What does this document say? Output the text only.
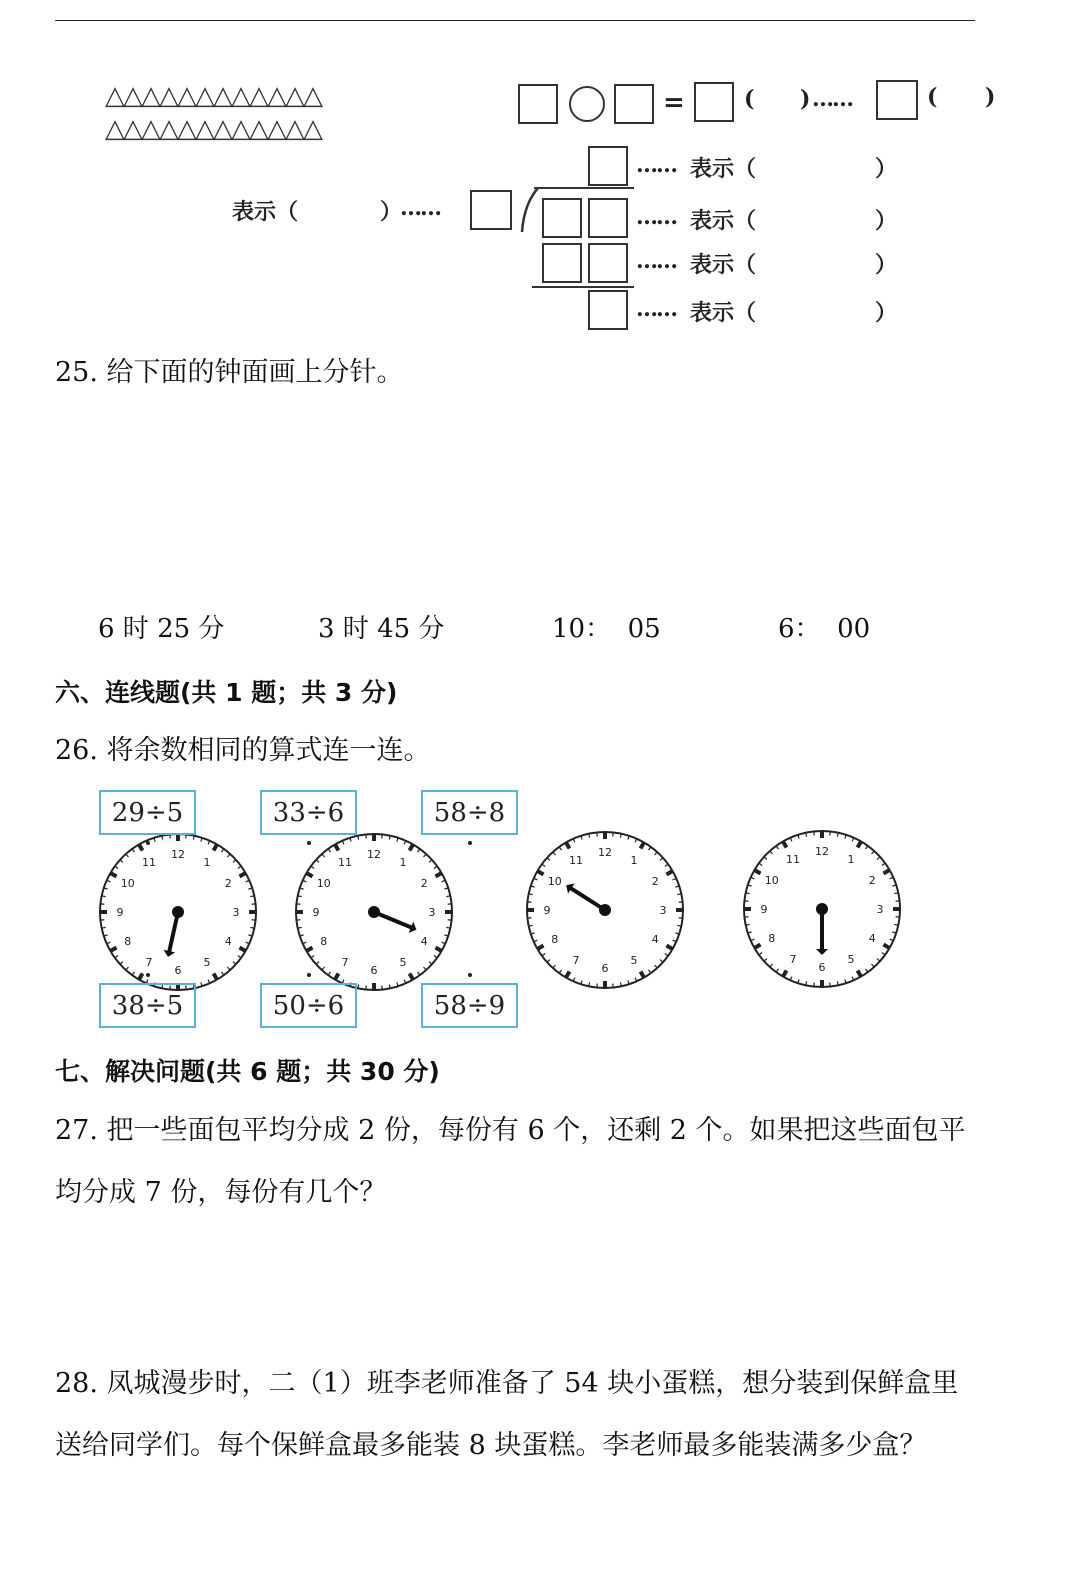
△△△△△△△△△△△△
△△△△△△△△△△△△
=	( ) ……	( )
表示（	）
……
…… 表示（	）
…… 表示（	）
…… 表示（	）
…… 表示（	）
25. 给下面的钟面画上分针。
12
1
2
3
4
5
6
7
8
9
10
11
12
1
2
3
4
5
6
7
8
9
10
11
12
1
2
3
4
5
6
7
8
9
10
11
12
1
2
3
4
5
6
7
8
9
10
11
6 时 25 分	3 时 45 分	10：  05	6：  00
六、连线题(共 1 题；共 3 分)
26. 将余数相同的算式连一连。
29÷5	33÷6	58÷8
38÷5	50÷6	58÷9
七、解决问题(共 6 题；共 30 分)
27. 把一些面包平均分成 2 份，每份有 6 个，还剩 2 个。如果把这些面包平
均分成 7 份，每份有几个？
28. 凤城漫步时，二（1）班李老师准备了 54 块小蛋糕，想分装到保鲜盒里
送给同学们。每个保鲜盒最多能装 8 块蛋糕。李老师最多能装满多少盒？
